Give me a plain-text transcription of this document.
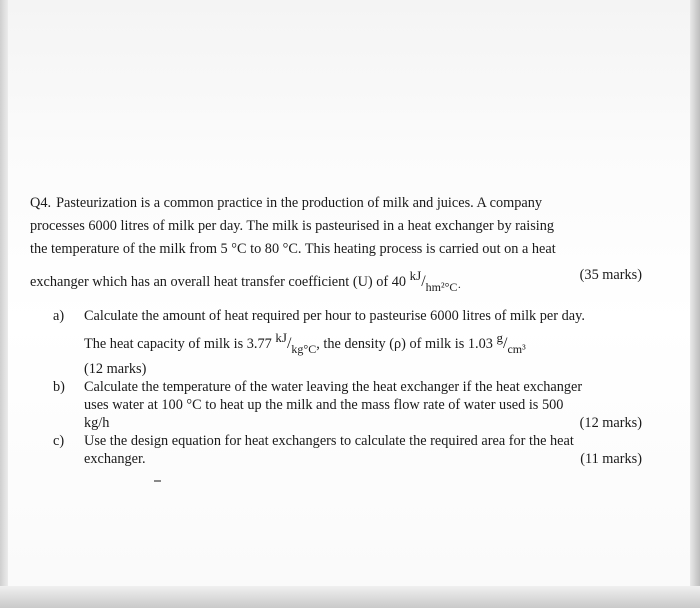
Q4. Pasteurization is a common practice in the production of milk and juices. A company
processes 6000 litres of milk per day. The milk is pasteurised in a heat exchanger by raising
the temperature of the milk from 5 °C to 80 °C. This heating process is carried out on a heat
exchanger which has an overall heat transfer coefficient (U) of 40 $kJ/_{hm^2^\circ C\cdot}$
(35 marks)
a) Calculate the amount of heat required per hour to pasteurise 6000 litres of milk per day.
The heat capacity of milk is 3.77 $kJ/_{kg^\circ C}$, the density (ρ) of milk is 1.03 $g/_{cm^3}$
(12 marks)
b) Calculate the temperature of the water leaving the heat exchanger if the heat exchanger
uses water at 100 °C to heat up the milk and the mass flow rate of water used is 500
kg/h	(12 marks)
c) Use the design equation for heat exchangers to calculate the required area for the heat
exchanger.	(11 marks)
